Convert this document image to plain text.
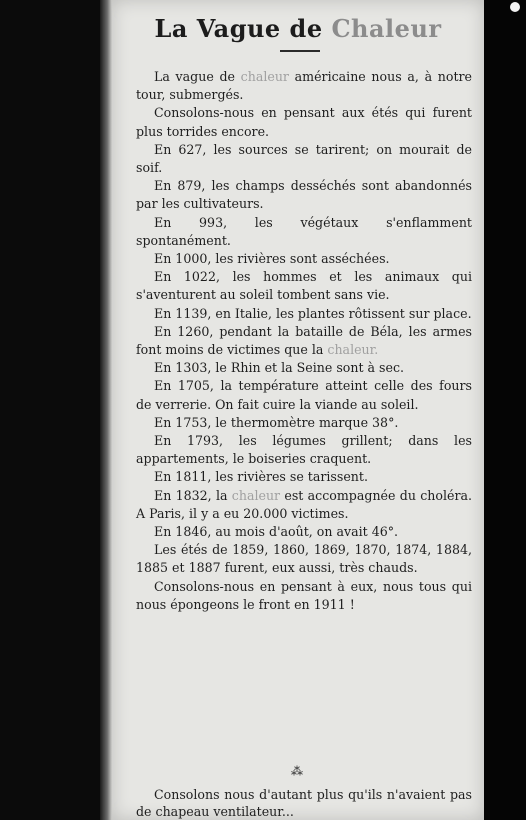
La Vague de Chaleur

La vague de chaleur américaine nous a, à notre tour, submergés.

Consolons-nous en pensant aux étés qui furent plus torrides encore.

En 627, les sources se tarirent; on mourait de soif.

En 879, les champs desséchés sont abandonnés par les cultivateurs.

En 993, les végétaux s'enflamment spontanément.

En 1000, les rivières sont asséchées.

En 1022, les hommes et les animaux qui s'aventurent au soleil tombent sans vie.

En 1139, en Italie, les plantes rôtissent sur place.

En 1260, pendant la bataille de Béla, les armes font moins de victimes que la chaleur.

En 1303, le Rhin et la Seine sont à sec.

En 1705, la température atteint celle des fours de verrerie. On fait cuire la viande au soleil.

En 1753, le thermomètre marque 38°.

En 1793, les légumes grillent; dans les appartements, le boiseries craquent.

En 1811, les rivières se tarissent.

En 1832, la chaleur est accompagnée du choléra. A Paris, il y a eu 20.000 victimes.

En 1846, au mois d'août, on avait 46°.

Les étés de 1859, 1860, 1869, 1870, 1874, 1884, 1885 et 1887 furent, eux aussi, très chauds.

Consolons-nous en pensant à eux, nous tous qui nous épongeons le front en 1911 !

⁂

Consolons nous d'autant plus qu'ils n'avaient pas de chapeau ventilateur...
